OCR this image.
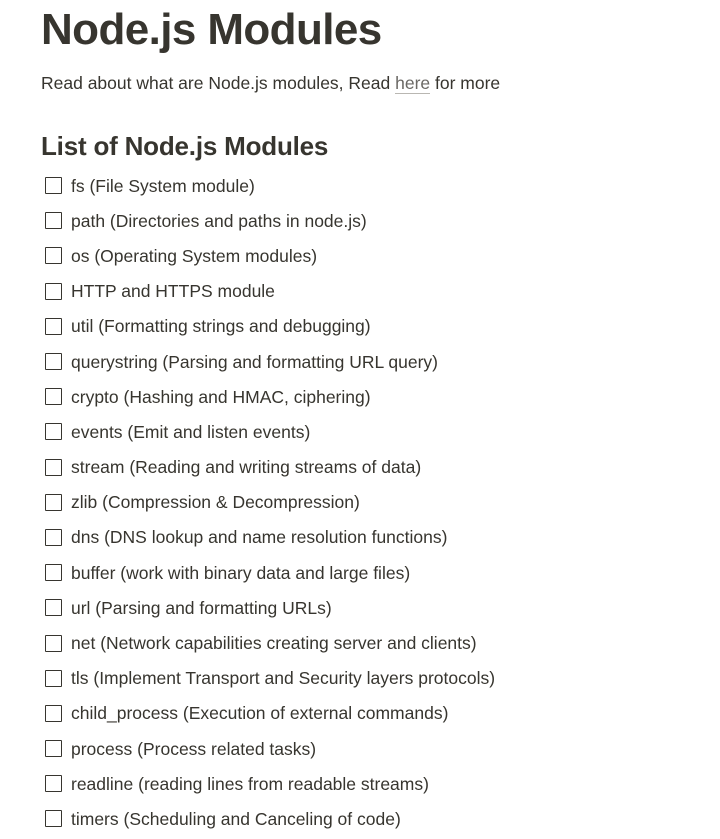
Node.js Modules

Read about what are Node.js modules, Read here for more

List of Node.js Modules
fs (File System module)
path (Directories and paths in node.js)
os (Operating System modules)
HTTP and HTTPS module
util (Formatting strings and debugging)
querystring (Parsing and formatting URL query)
crypto (Hashing and HMAC, ciphering)
events (Emit and listen events)
stream (Reading and writing streams of data)
zlib (Compression & Decompression)
dns (DNS lookup and name resolution functions)
buffer (work with binary data and large files)
url (Parsing and formatting URLs)
net (Network capabilities creating server and clients)
tls (Implement Transport and Security layers protocols)
child_process (Execution of external commands)
process (Process related tasks)
readline (reading lines from readable streams)
timers (Scheduling and Canceling of code)
